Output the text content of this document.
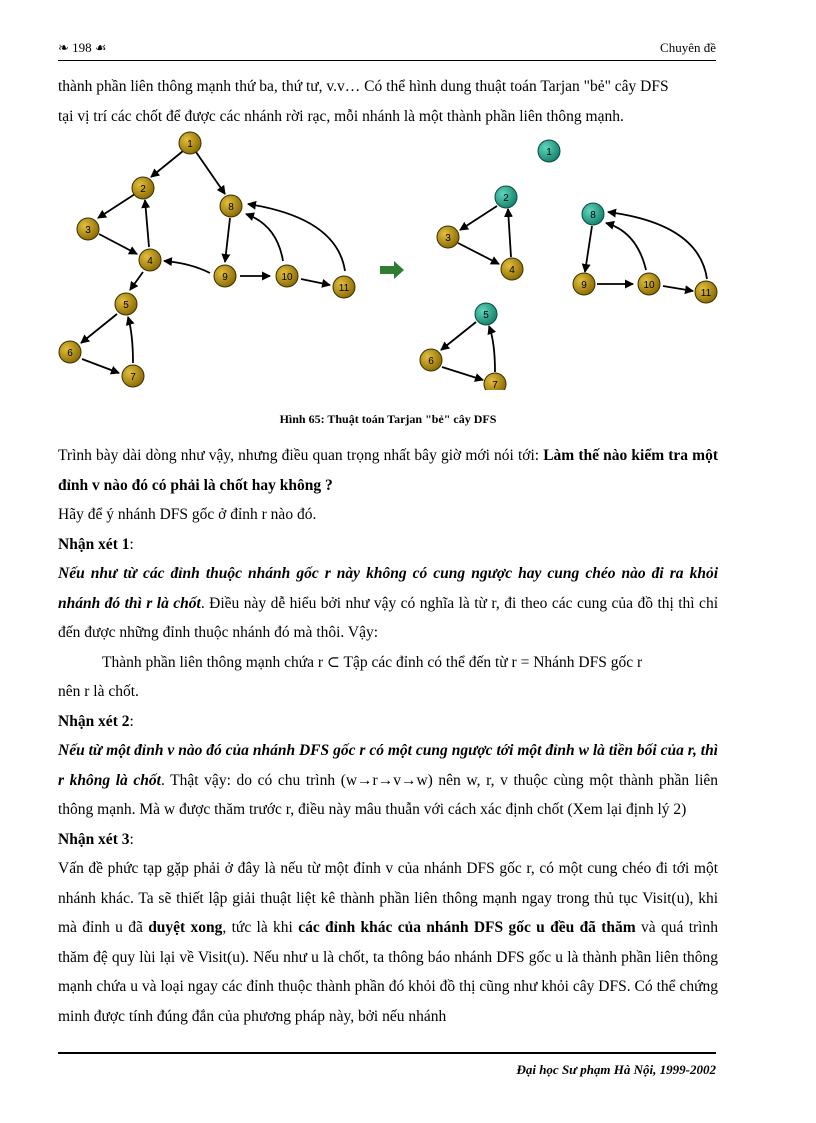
❧ 198 ☙	Chuyên đề

thành phần liên thông mạnh thứ ba, thứ tư, v.v… Có thể hình dung thuật toán Tarjan "bẻ" cây DFS

tại vị trí các chốt để được các nhánh rời rạc, mỗi nhánh là một thành phần liên thông mạnh.

1
2
3
4
5
6
7
8
9	10
11
1
2
3
4
5
6
7
8
9	10
11
Hình 65: Thuật toán Tarjan "bẻ" cây DFS

Trình bày dài dòng như vậy, nhưng điều quan trọng nhất bây giờ mới nói tới: Làm thế nào kiểm tra một đỉnh v nào đó có phải là chốt hay không ?

Hãy để ý nhánh DFS gốc ở đỉnh r nào đó.

Nhận xét 1:

Nếu như từ các đỉnh thuộc nhánh gốc r này không có cung ngược hay cung chéo nào đi ra khỏi nhánh đó thì r là chốt. Điều này dễ hiểu bởi như vậy có nghĩa là từ r, đi theo các cung của đồ thị thì chỉ đến được những đỉnh thuộc nhánh đó mà thôi. Vậy:

Thành phần liên thông mạnh chứa r ⊂ Tập các đỉnh có thể đến từ r = Nhánh DFS gốc r

nên r là chốt.

Nhận xét 2:

Nếu từ một đỉnh v nào đó của nhánh DFS gốc r có một cung ngược tới một đỉnh w là tiền bối của r, thì r không là chốt. Thật vậy: do có chu trình (w→r→v→w) nên w, r, v thuộc cùng một thành phần liên thông mạnh. Mà w được thăm trước r, điều này mâu thuẫn với cách xác định chốt (Xem lại định lý 2)

Nhận xét 3:

Vấn đề phức tạp gặp phải ở đây là nếu từ một đỉnh v của nhánh DFS gốc r, có một cung chéo đi tới một nhánh khác. Ta sẽ thiết lập giải thuật liệt kê thành phần liên thông mạnh ngay trong thủ tục Visit(u), khi mà đỉnh u đã duyệt xong, tức là khi các đỉnh khác của nhánh DFS gốc u đều đã thăm và quá trình thăm đệ quy lùi lại về Visit(u). Nếu như u là chốt, ta thông báo nhánh DFS gốc u là thành phần liên thông mạnh chứa u và loại ngay các đỉnh thuộc thành phần đó khỏi đồ thị cũng như khỏi cây DFS. Có thể chứng minh được tính đúng đắn của phương pháp này, bởi nếu nhánh

Đại học Sư phạm Hà Nội, 1999-2002
